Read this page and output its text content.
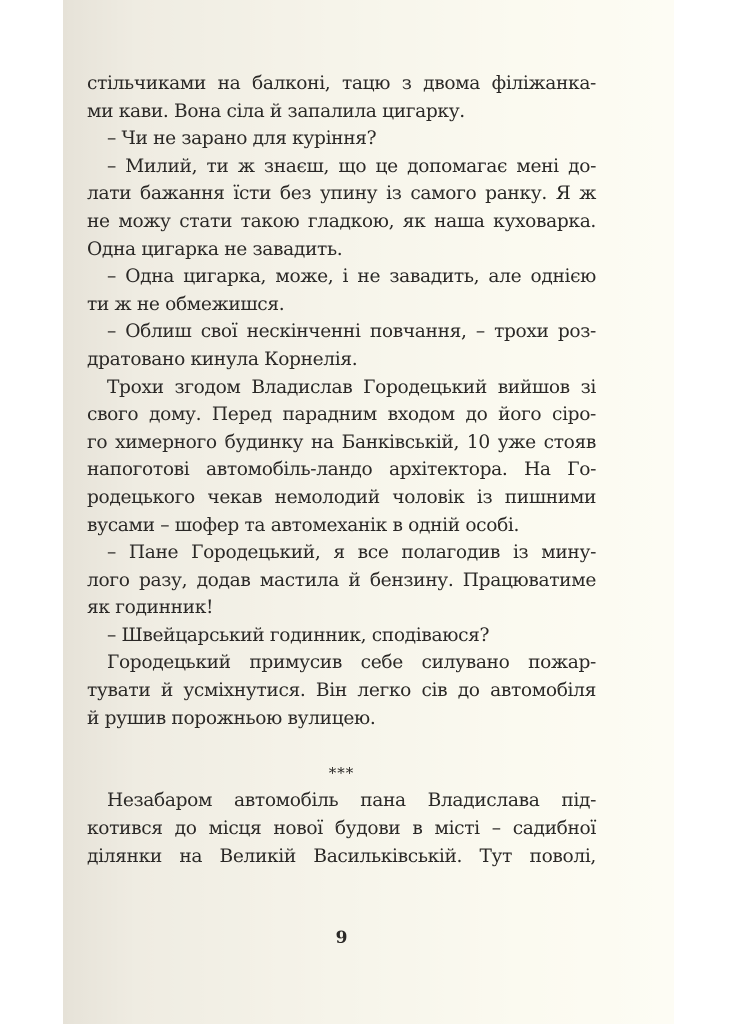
стільчиками на балконі, тацю з двома філіжанка-
ми кави. Вона сіла й запалила цигарку.
– Чи не зарано для куріння?
– Милий, ти ж знаєш, що це допомагає мені до-
лати бажання їсти без упину із самого ранку. Я ж
не можу стати такою гладкою, як наша куховарка.
Одна цигарка не завадить.
– Одна цигарка, може, і не завадить, але однією
ти ж не обмежишся.
– Облиш свої нескінченні повчання, – трохи роз-
дратовано кинула Корнелія.
Трохи згодом Владислав Городецький вийшов зі
свого дому. Перед парадним входом до його сіро-
го химерного будинку на Банківській, 10 уже стояв
напоготові автомобіль-ландо архітектора. На Го-
родецького чекав немолодий чоловік із пишними
вусами – шофер та автомеханік в одній особі.
– Пане Городецький, я все полагодив із мину-
лого разу, додав мастила й бензину. Працюватиме
як годинник!
– Швейцарський годинник, сподіваюся?
Городецький примусив себе силувано пожар-
тувати й усміхнутися. Він легко сів до автомобіля
й рушив порожньою вулицею.
***
Незабаром автомобіль пана Владислава під-
котився до місця нової будови в місті – садибної
ділянки на Великій Васильківській. Тут поволі,
9
